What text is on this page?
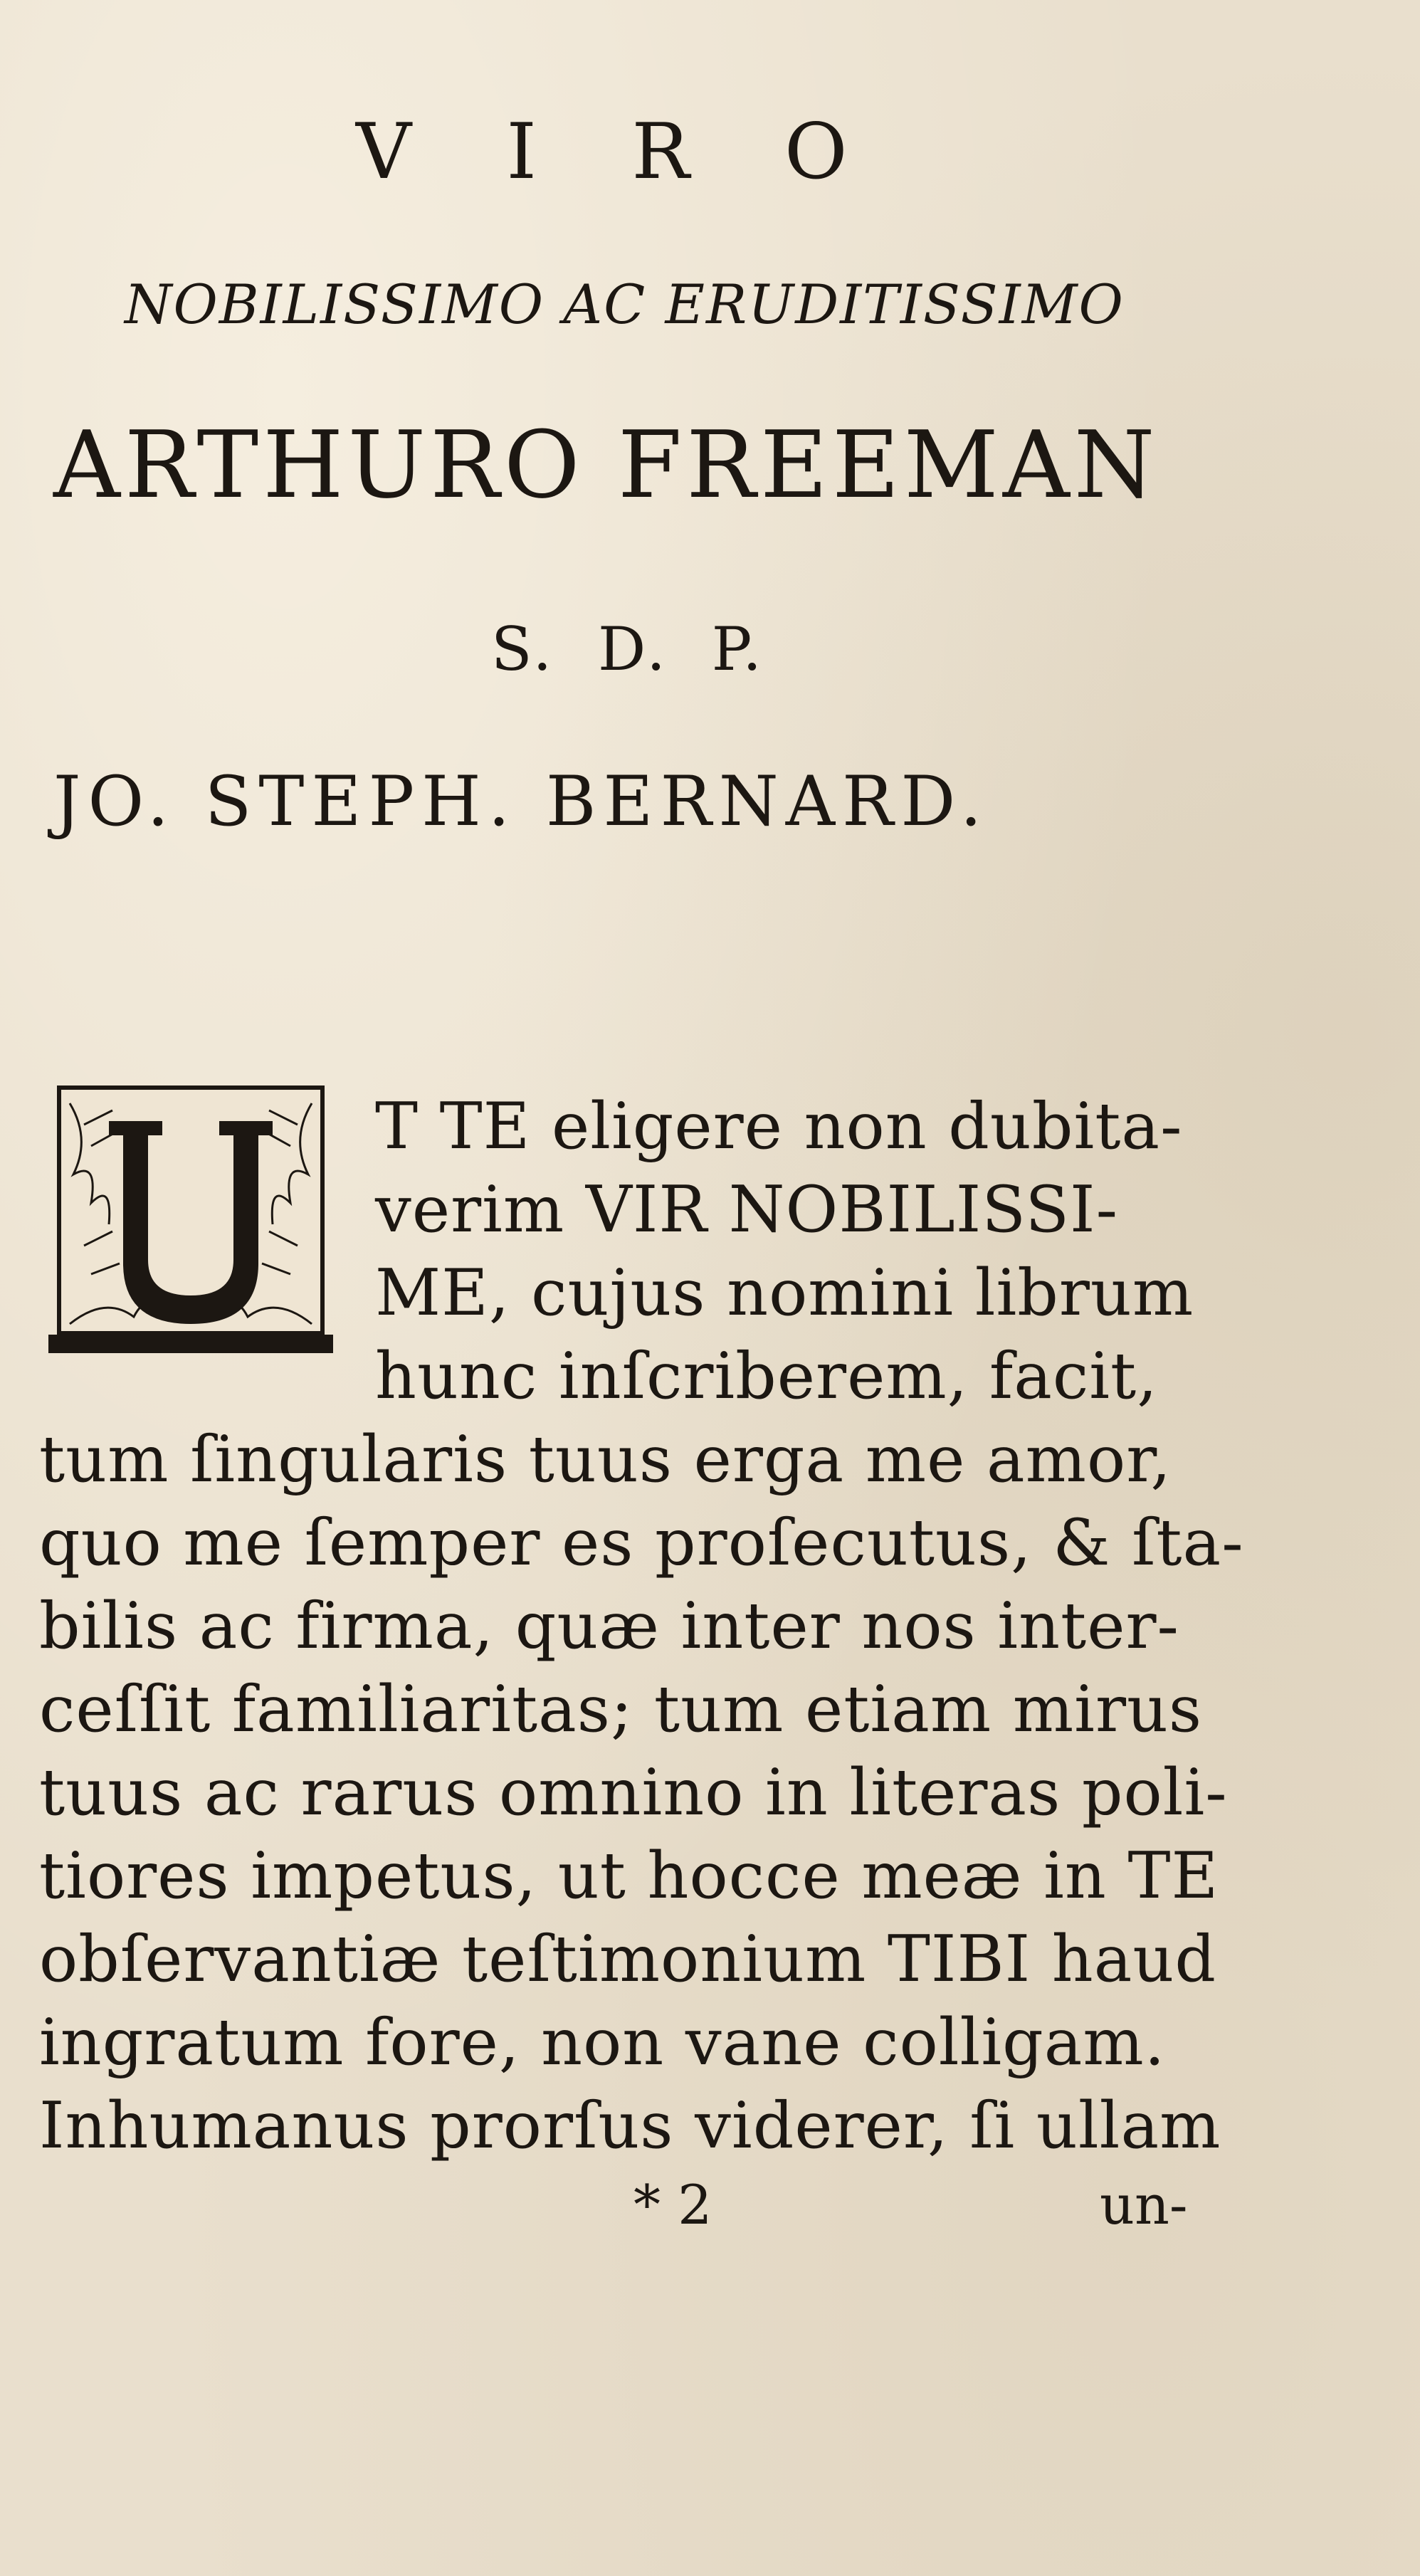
V I R O
NOBILISSIMO AC ERUDITISSIMO
ARTHURO FREEMAN
S. D. P.
JO. STEPH. BERNARD.
T TE eligere non dubita-
verim VIR NOBILISSI-
ME, cujus nomini librum
hunc inſcriberem, facit,
tum ſingularis tuus erga me amor,
quo me ſemper es proſecutus, & ſta-
bilis ac firma, quæ inter nos inter-
ceſſit familiaritas; tum etiam mirus
tuus ac rarus omnino in literas poli-
tiores impetus, ut hocce meæ in TE
obſervantiæ teſtimonium TIBI haud
ingratum fore, non vane colligam.
Inhumanus prorſus viderer, ſi ullam
* 2	un-
